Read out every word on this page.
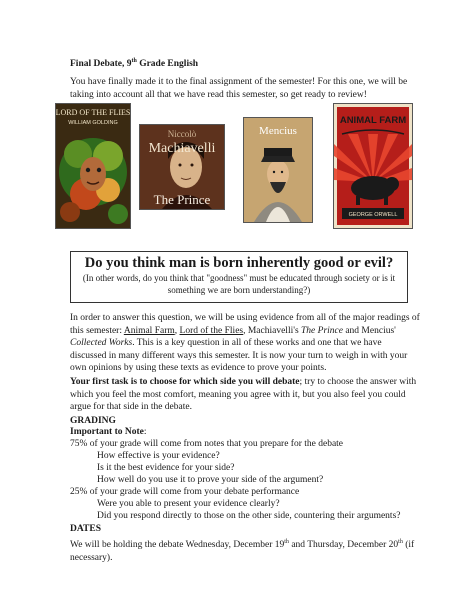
Final Debate, 9th Grade English
You have finally made it to the final assignment of the semester! For this one, we will be taking into account all that we have read this semester, so get ready to review!
LORD OF THE FLIES
WILLIAM GOLDING
Niccolò
Machiavelli
The Prince
Mencius
ANIMAL FARM
GEORGE ORWELL
Do you think man is born inherently good or evil?
(In other words, do you think that "goodness" must be educated through society or is it something we are born understanding?)
In order to answer this question, we will be using evidence from all of the major readings of this semester: Animal Farm, Lord of the Flies, Machiavelli's The Prince and Mencius' Collected Works. This is a key question in all of these works and one that we have discussed in many different ways this semester. It is now your turn to weigh in with your own opinions by using these texts as evidence to prove your points.
Your first task is to choose for which side you will debate; try to choose the answer with which you feel the most comfort, meaning you agree with it, but you also feel you could argue for that side in the debate.
GRADING
Important to Note:
75% of your grade will come from notes that you prepare for the debate
How effective is your evidence?
Is it the best evidence for your side?
How well do you use it to prove your side of the argument?
25% of your grade will come from your debate performance
Were you able to present your evidence clearly?
Did you respond directly to those on the other side, countering their arguments?
DATES
We will be holding the debate Wednesday, December 19th and Thursday, December 20th (if necessary).
